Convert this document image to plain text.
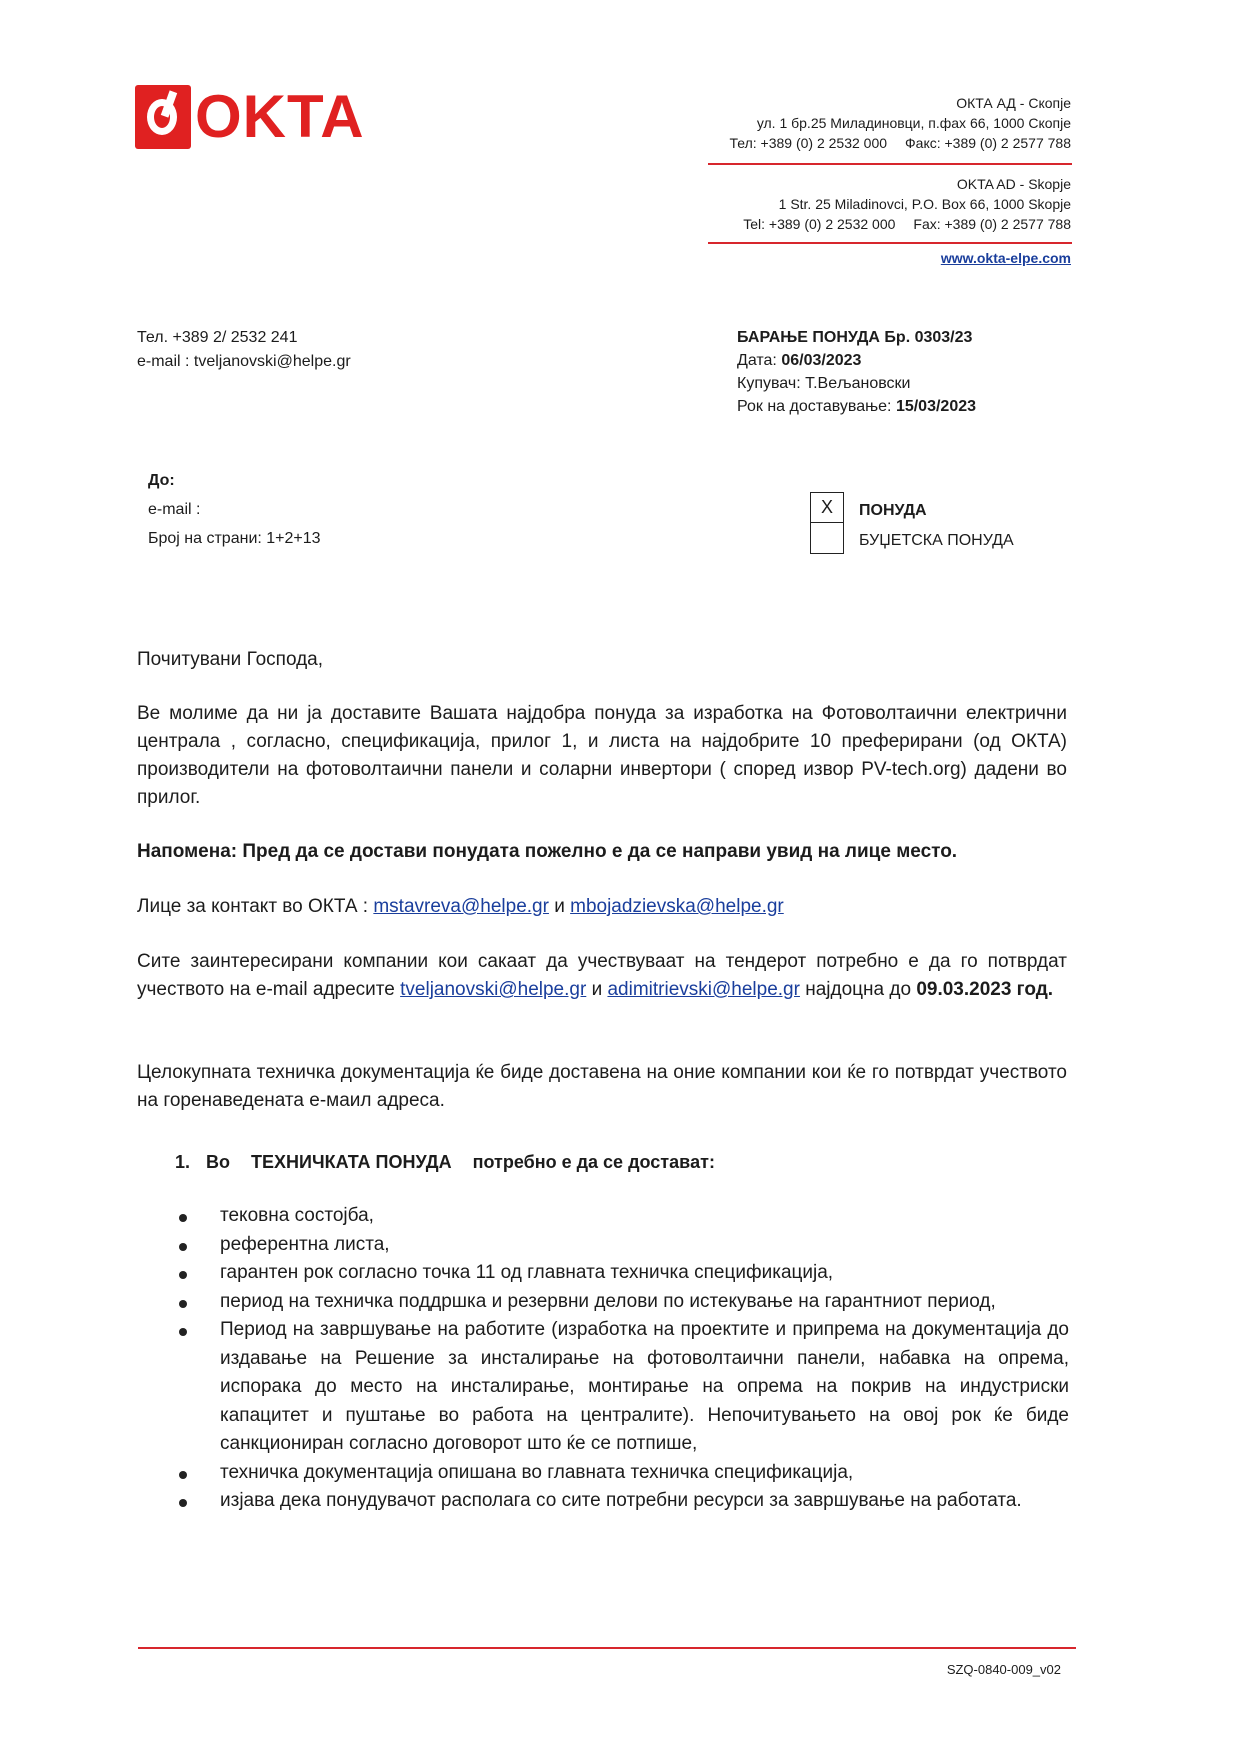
OKTA	ОКТА АД - Скопје
ул. 1 бр.25 Миладиновци, п.фах 66, 1000 Скопје
Тел: +389 (0) 2 2532 000 Факс: +389 (0) 2 2577 788
OKTA AD - Skopje
1 Str. 25 Miladinovci, P.O. Box 66, 1000 Skopje
Tel: +389 (0) 2 2532 000 Fax: +389 (0) 2 2577 788
www.okta-elpe.com
Тел. +389 2/ 2532 241
e-mail : tveljanovski@helpe.gr
БАРАЊЕ ПОНУДА Бр. 0303/23
Дата: 06/03/2023
Купувач: Т.Вељановски
Рок на доставување: 15/03/2023
До:
e-mail :
Број на страни: 1+2+13
X	ПОНУДА
БУЏЕТСКА ПОНУДА
Почитувани Господа,
Ве молиме да ни ја доставите Вашата најдобра понуда за изработка на Фотоволтаични електрични централа , согласно, спецификација, прилог 1, и листа на најдобрите 10 преферирани (од ОКТА) производители на фотоволтаични панели и соларни инвертори ( според извор PV-tech.org) дадени во прилог.
Напомена: Пред да се достави понудата пожелно е да се направи увид на лице место.
Лице за контакт во ОКТА : mstavreva@helpe.gr и mbojadzievska@helpe.gr
Сите заинтересирани компании кои сакаат да учествуваат на тендерот потребно е да го потврдат учеството на e-mail адресите tveljanovski@helpe.gr и adimitrievski@helpe.gr најдоцна до 09.03.2023 год.
Целокупната техничка документација ќе биде доставена на оние компании кои ќе го потврдат учеството на горенаведената е-маил адреса.
1. Во ТЕХНИЧКАТА ПОНУДА потребно е да се доставaт:
тековна состојба,
референтна листа,
гарантен рок согласно точка 11 од главната техничка спецификација,
период на техничка поддршка и резервни делови по истекување на гарантниот период,
Период на завршување на работите (изработка на проектите и припрема на документација до издавање на Решение за инсталирање на фотоволтаични панели, набавка на опрема, испорака до место на инсталирање, монтирање на опрема на покрив на индустриски капацитет и пуштање во работа на централите). Непочитувањето на овој рок ќе биде санкциониран согласно договорот што ќе се потпише,
техничка документација опишана во главната техничка спецификација,
изјава дека понудувачот располага со сите потребни ресурси за завршување на работата.
SZQ-0840-009_v02
